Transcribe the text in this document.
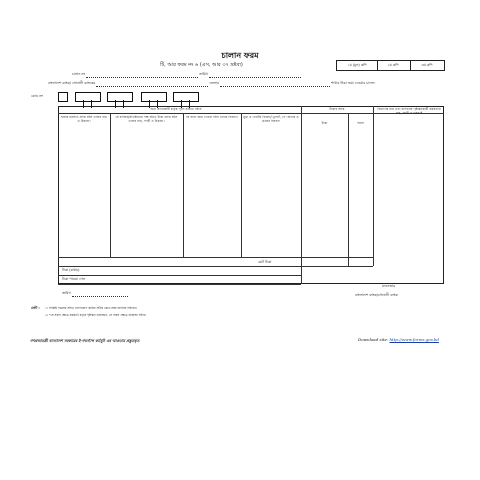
চালান ফরম
টি, আর ফরম নং ৬ (এস, আর ৩৭ দ্রষ্টব্য)	১ম (মূল) কপি	২য় কপি	৩য় কপি
চালান নং	তারিখ
বাংলাদেশ ব্যাংক/ সোনালী ব্যাংকের	জেলার	শাখায় টাকা জমা দেওয়ার চালান
কোড নং
জমা প্রদানকারী কর্তৃক পূরণ করিতে হইবে	টাকার অংক	বিভাগের নাম এবং চালানের পৃষ্ঠাঙ্কনকারী কর্মকর্তার নাম, পদবী ও দপ্তর।*
যাহার মারফত প্রদত্ত হইল তাহার নাম ও ঠিকানা।
যে ব্যক্তির/প্রতিষ্ঠানের পক্ষ হইতে টাকা প্রদত্ত হইল তাহার নাম, পদবী ও ঠিকানা।
কি বাবদ জমা দেওয়া হইল তাহার বিবরণ।	মুদ্রা ও নোটের বিবরণ/ ড্রাফট, পে: অর্ডার ও চেকের বিবরণ।	টাকা	পয়সা
মোট টাকা
টাকা (কথায়)
টাকা পাওয়া গেল
তারিখ
ম্যানেজার
বাংলাদেশ ব্যাংক/সোনালী ব্যাংক
নোট : ১। সংশ্লিষ্ট দপ্তরের সহিত যোগাযোগ করিয়া সঠিক কোড নম্বর জানিয়া লইবেন।
২। *যে সকল ক্ষেত্রে কর্মকর্তা কর্তৃক পৃষ্ঠাঙ্কন প্রয়োজন, সে সকল ক্ষেত্রে প্রযোজ্য হইবে।
গণপ্রজাতন্ত্রী বাংলাদেশ সরকারের ই-গভর্ন্যান্স কর্মসূচি এর আওতায় প্রস্তুতকৃত	Download site: http://www.forms.gov.bd
